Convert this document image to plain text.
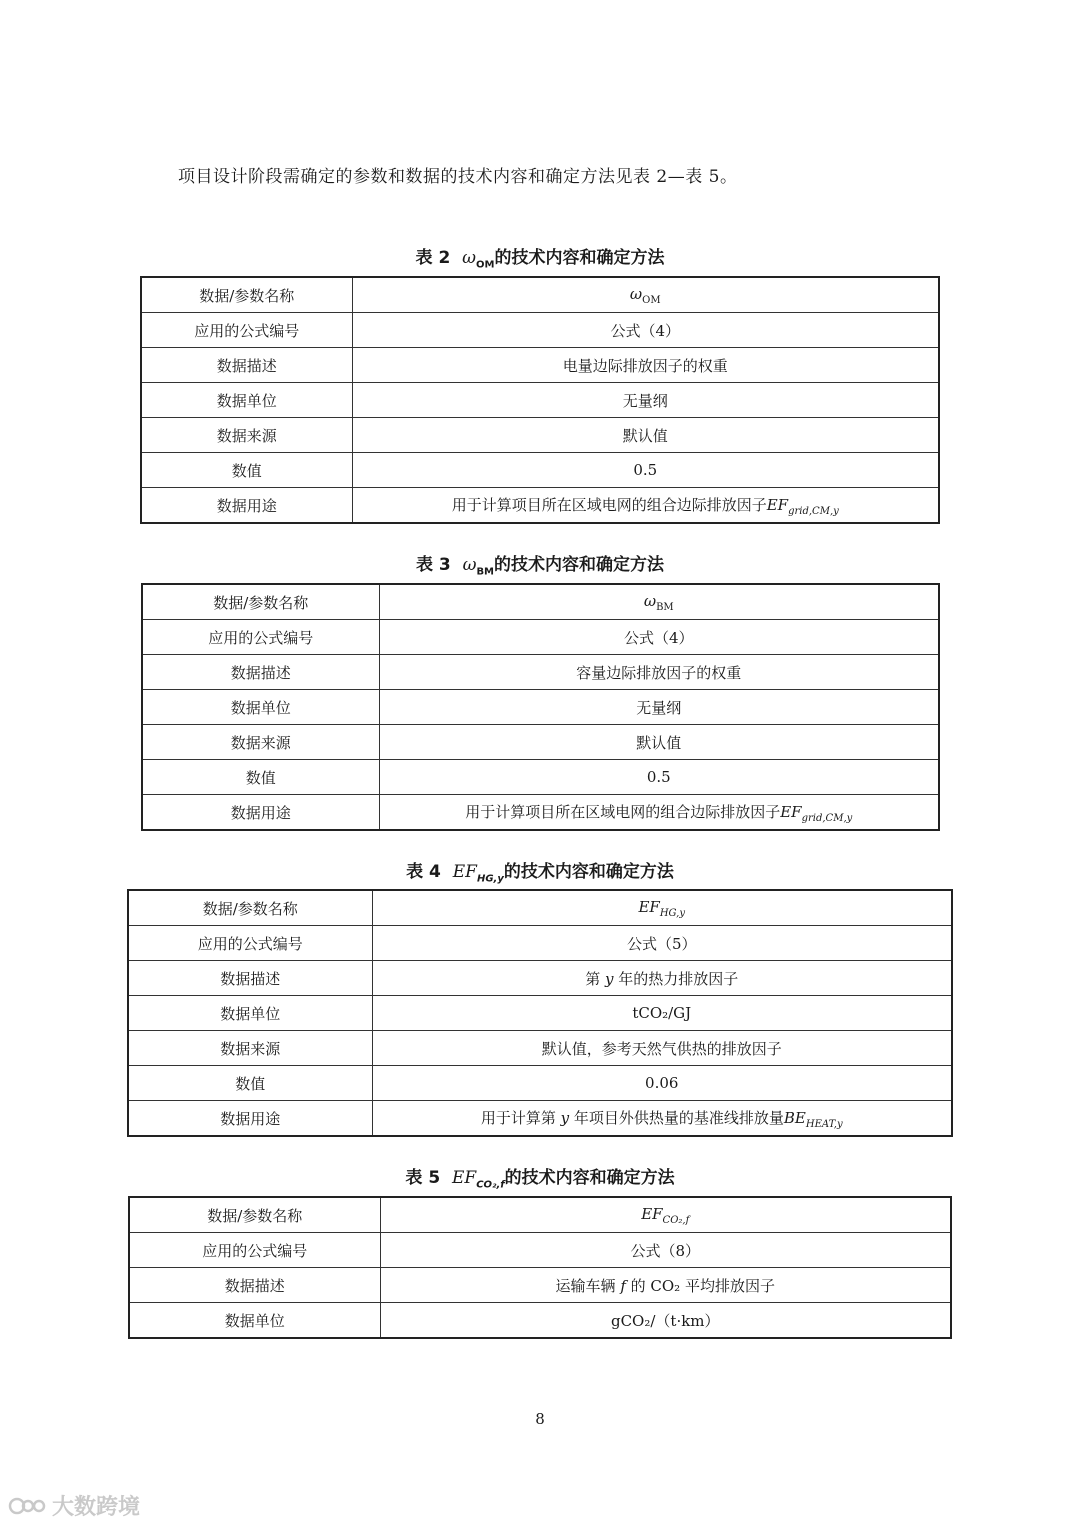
项目设计阶段需确定的参数和数据的技术内容和确定方法见表 2—表 5。
表 2 $\omega_{OM}$的技术内容和确定方法
数据/参数名称	$\omega_{OM}$
应用的公式编号	公式（4）
数据描述	电量边际排放因子的权重
数据单位	无量纲
数据来源	默认值
数值	0.5
数据用途	用于计算项目所在区域电网的组合边际排放因子$EF_{grid,CM,y}$
表 3 $\omega_{BM}$的技术内容和确定方法
数据/参数名称	$\omega_{BM}$
应用的公式编号	公式（4）
数据描述	容量边际排放因子的权重
数据单位	无量纲
数据来源	默认值
数值	0.5
数据用途	用于计算项目所在区域电网的组合边际排放因子$EF_{grid,CM,y}$
表 4 $EF_{HG,y}$的技术内容和确定方法
数据/参数名称	$EF_{HG,y}$
应用的公式编号	公式（5）
数据描述	第 y 年的热力排放因子
数据单位	tCO₂/GJ
数据来源	默认值，参考天然气供热的排放因子
数值	0.06
数据用途	用于计算第 y 年项目外供热量的基准线排放量$BE_{HEAT,y}$
表 5 $EF_{CO_2,f}$的技术内容和确定方法
数据/参数名称	$EF_{CO_2,f}$
应用的公式编号	公式（8）
数据描述	运输车辆 f 的 CO₂ 平均排放因子
数据单位	gCO₂/（t·km）
8
大数跨境
